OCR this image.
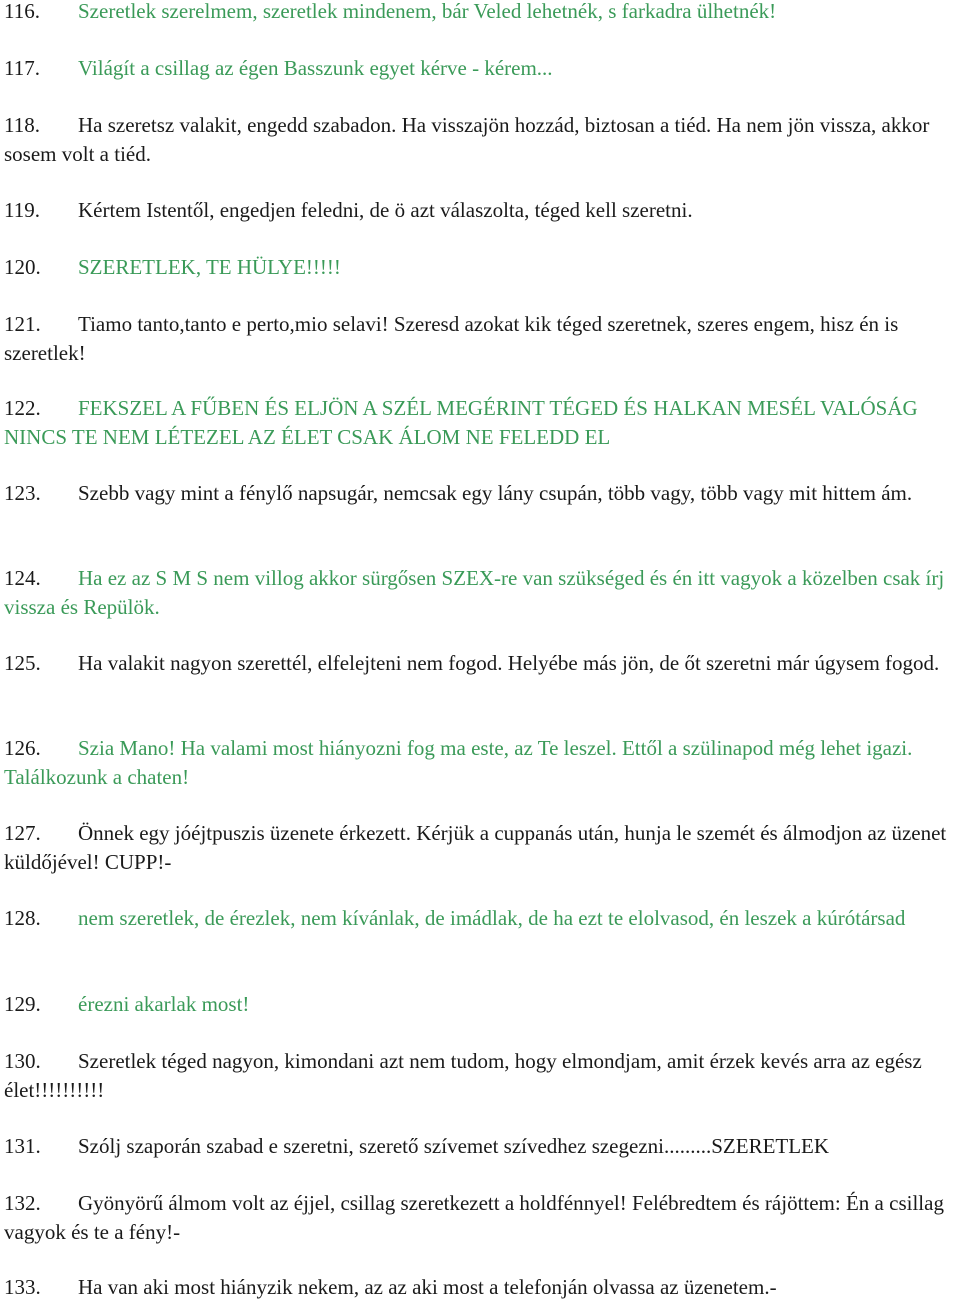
116. Szeretlek szerelmem, szeretlek mindenem, bár Veled lehetnék, s farkadra ülhetnék!

117. Világít a csillag az égen Basszunk egyet kérve - kérem...

118. Ha szeretsz valakit, engedd szabadon. Ha visszajön hozzád, biztosan a tiéd. Ha nem jön vissza, akkor sosem volt a tiéd.

119. Kértem Istentől, engedjen feledni, de ö azt válaszolta, téged kell szeretni.

120. SZERETLEK, TE HÜLYE!!!!!

121. Tiamo tanto,tanto e perto,mio selavi! Szeresd azokat kik téged szeretnek, szeres engem, hisz én is szeretlek!

122. FEKSZEL A FŰBEN ÉS ELJÖN A SZÉL MEGÉRINT TÉGED ÉS HALKAN MESÉL VALÓSÁG NINCS TE NEM LÉTEZEL AZ ÉLET CSAK ÁLOM NE FELEDD EL

123. Szebb vagy mint a fénylő napsugár, nemcsak egy lány csupán, több vagy, több vagy mit hittem ám.

124. Ha ez az S M S nem villog akkor sürgősen SZEX-re van szükséged és én itt vagyok a közelben csak írj vissza és Repülök.

125. Ha valakit nagyon szerettél, elfelejteni nem fogod. Helyébe más jön, de őt szeretni már úgysem fogod.

126. Szia Mano! Ha valami most hiányozni fog ma este, az Te leszel. Ettől a szülinapod még lehet igazi. Találkozunk a chaten!

127. Önnek egy jóéjtpuszis üzenete érkezett. Kérjük a cuppanás után, hunja le szemét és álmodjon az üzenet küldőjével! CUPP!-

128. nem szeretlek, de érezlek, nem kívánlak, de imádlak, de ha ezt te elolvasod, én leszek a kúrótársad

129. érezni akarlak most!

130. Szeretlek téged nagyon, kimondani azt nem tudom, hogy elmondjam, amit érzek kevés arra az egész élet!!!!!!!!!!

131. Szólj szaporán szabad e szeretni, szerető szívemet szívedhez szegezni.........SZERETLEK

132. Gyönyörű álmom volt az éjjel, csillag szeretkezett a holdfénnyel! Felébredtem és rájöttem: Én a csillag vagyok és te a fény!-

133. Ha van aki most hiányzik nekem, az az aki most a telefonján olvassa az üzenetem.-
